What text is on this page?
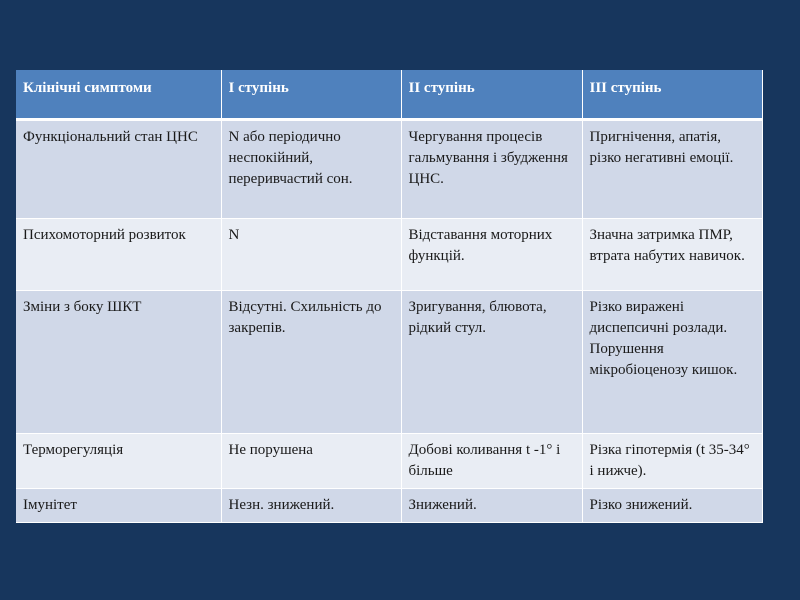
Клінічні симптоми	І ступінь	ІІ ступінь	ІІІ ступінь
Функціональний стан ЦНС	N або періодично неспокійний, переривчастий сон.	Чергування процесів гальмування і збудження ЦНС.	Пригнічення, апатія, різко негативні емоції.
Психомоторний розвиток	N	Відставання моторних функцій.	Значна затримка ПМР, втрата набутих навичок.
Зміни з боку ШКТ	Відсутні. Схильність до закрепів.	Зригування, блювота, рідкий стул.	Різко виражені диспепсичні розлади. Порушення мікробіоценозу кишок.
Терморегуляція	Не порушена	Добові коливання t -1° і більше	Різка гіпотермія (t 35-34° і нижче).
Імунітет	Незн. знижений.	Знижений.	Різко знижений.
